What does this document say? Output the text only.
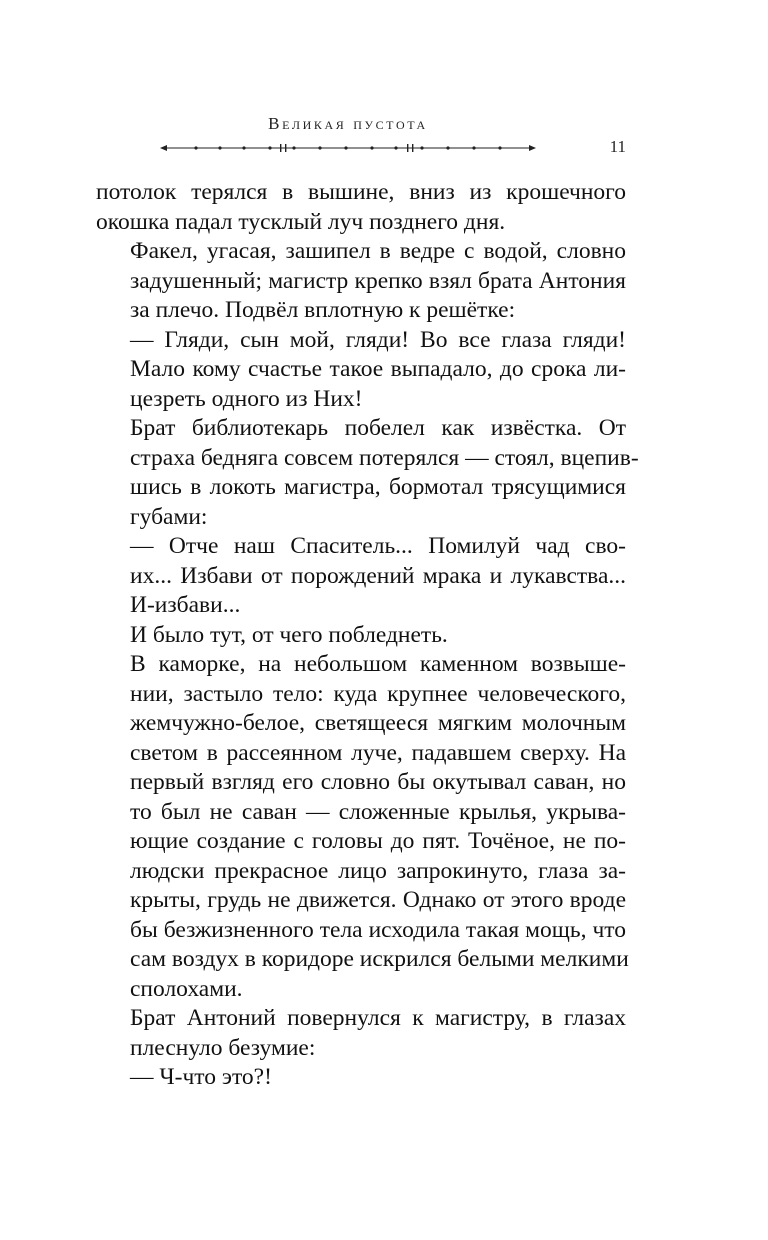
Великая пустота
11

потолок терялся в вышине, вниз из крошечного
окошка падал тусклый луч позднего дня.

Факел, угасая, зашипел в ведре с водой, словно
задушенный; магистр крепко взял брата Антония
за плечо. Подвёл вплотную к решётке:

— Гляди, сын мой, гляди! Во все глаза гляди!
Мало кому счастье такое выпадало, до срока ли-
цезреть одного из Них!

Брат библиотекарь побелел как извёстка. От
страха бедняга совсем потерялся — стоял, вцепив-
шись в локоть магистра, бормотал трясущимися
губами:

— Отче наш Спаситель... Помилуй чад сво-
их... Избави от порождений мрака и лукавства...
И-избави...

И было тут, от чего побледнеть.

В каморке, на небольшом каменном возвыше-
нии, застыло тело: куда крупнее человеческого,
жемчужно-белое, светящееся мягким молочным
светом в рассеянном луче, падавшем сверху. На
первый взгляд его словно бы окутывал саван, но
то был не саван — сложенные крылья, укрыва-
ющие создание с головы до пят. Точёное, не по-
людски прекрасное лицо запрокинуто, глаза за-
крыты, грудь не движется. Однако от этого вроде
бы безжизненного тела исходила такая мощь, что
сам воздух в коридоре искрился белыми мелкими
сполохами.

Брат Антоний повернулся к магистру, в глазах
плеснуло безумие:

— Ч-что это?!
